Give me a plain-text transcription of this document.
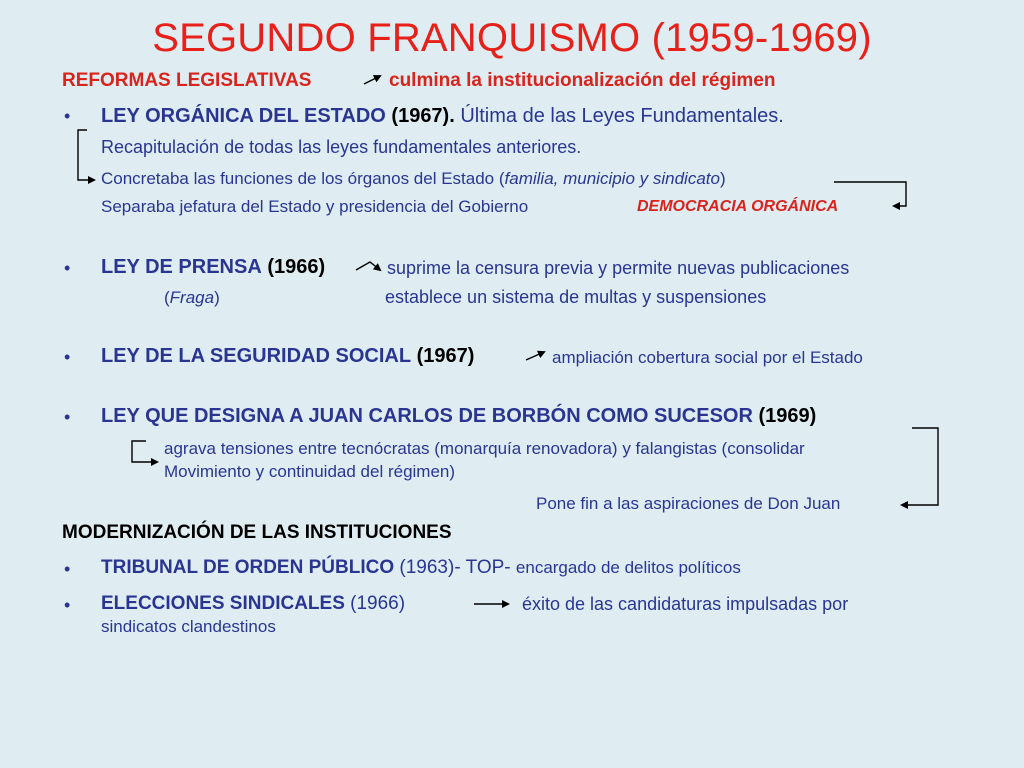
SEGUNDO FRANQUISMO (1959-1969)
REFORMAS LEGISLATIVAS	culmina la institucionalización del régimen
• LEY ORGÁNICA DEL ESTADO (1967). Última de las Leyes Fundamentales.
Recapitulación de todas las leyes fundamentales anteriores.
Concretaba las funciones de los órganos del Estado (familia, municipio y sindicato)
Separaba jefatura del Estado y presidencia del Gobierno	DEMOCRACIA ORGÁNICA
• LEY DE PRENSA (1966)	suprime la censura previa y permite nuevas publicaciones
(Fraga)	establece un sistema de multas y suspensiones
• LEY DE LA SEGURIDAD SOCIAL (1967)	ampliación cobertura social por el Estado
• LEY QUE DESIGNA A JUAN CARLOS DE BORBÓN COMO SUCESOR (1969)
agrava tensiones entre tecnócratas (monarquía renovadora) y falangistas (consolidar
Movimiento y continuidad del régimen)
Pone fin a las aspiraciones de Don Juan
MODERNIZACIÓN DE LAS INSTITUCIONES
• TRIBUNAL DE ORDEN PÚBLICO (1963)- TOP- encargado de delitos políticos
• ELECCIONES SINDICALES (1966)	éxito de las candidaturas impulsadas por
sindicatos clandestinos
